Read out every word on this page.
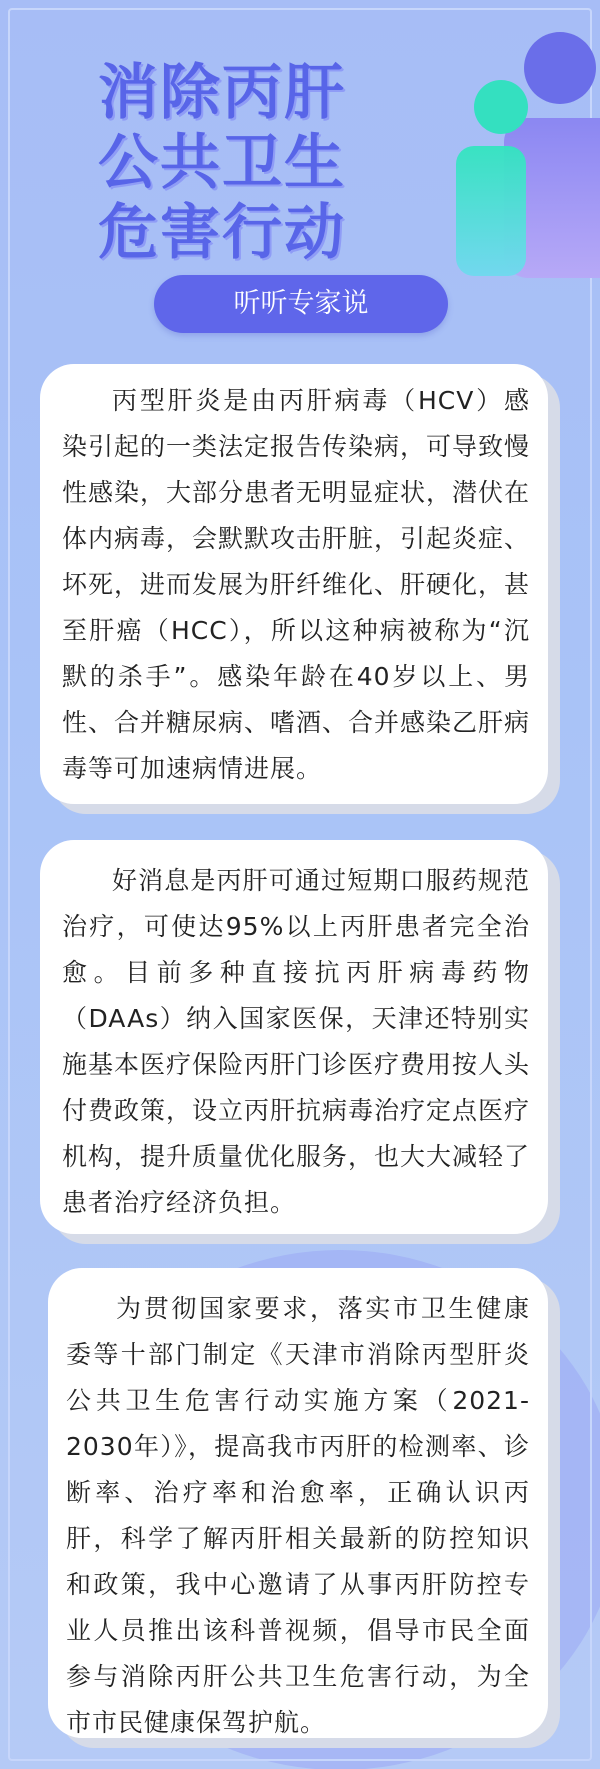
消除丙肝
公共卫生
危害行动
听听专家说

丙型肝炎是由丙肝病毒（HCV）感染引起的一类法定报告传染病，可导致慢性感染，大部分患者无明显症状，潜伏在体内病毒，会默默攻击肝脏，引起炎症、坏死，进而发展为肝纤维化、肝硬化，甚至肝癌（HCC），所以这种病被称为“沉默的杀手”。感染年龄在40岁以上、男性、合并糖尿病、嗜酒、合并感染乙肝病毒等可加速病情进展。

好消息是丙肝可通过短期口服药规范治疗，可使达95%以上丙肝患者完全治愈。目前多种直接抗丙肝病毒药物（DAAs）纳入国家医保，天津还特别实施基本医疗保险丙肝门诊医疗费用按人头付费政策，设立丙肝抗病毒治疗定点医疗机构，提升质量优化服务，也大大减轻了患者治疗经济负担。

为贯彻国家要求，落实市卫生健康委等十部门制定《天津市消除丙型肝炎公共卫生危害行动实施方案（2021-2030年）》，提高我市丙肝的检测率、诊断率、治疗率和治愈率，正确认识丙肝，科学了解丙肝相关最新的防控知识和政策，我中心邀请了从事丙肝防控专业人员推出该科普视频，倡导市民全面参与消除丙肝公共卫生危害行动，为全市市民健康保驾护航。
